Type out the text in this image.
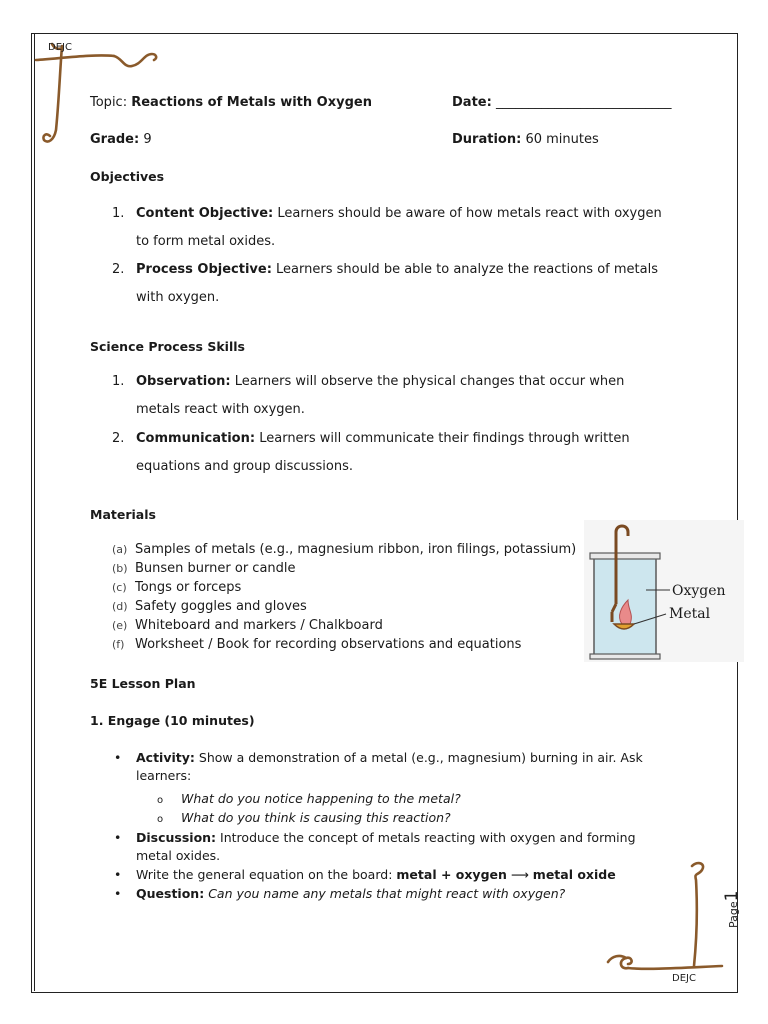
DEJC
Topic: Reactions of Metals with Oxygen	Date: ___________________________
Grade: 9	Duration: 60 minutes
Objectives
1. Content Objective: Learners should be aware of how metals react with oxygen to form metal oxides.
2. Process Objective: Learners should be able to analyze the reactions of metals with oxygen.
Science Process Skills
1. Observation: Learners will observe the physical changes that occur when metals react with oxygen.
2. Communication: Learners will communicate their findings through written equations and group discussions.
Materials
(a) Samples of metals (e.g., magnesium ribbon, iron filings, potassium)
(b) Bunsen burner or candle
(c) Tongs or forceps
(d) Safety goggles and gloves
(e) Whiteboard and markers / Chalkboard
(f) Worksheet / Book for recording observations and equations
Oxygen
Metal
5E Lesson Plan
1. Engage (10 minutes)
• Activity: Show a demonstration of a metal (e.g., magnesium) burning in air. Ask learners:
o What do you notice happening to the metal?
o What do you think is causing this reaction?
• Discussion: Introduce the concept of metals reacting with oxygen and forming metal oxides.
• Write the general equation on the board: metal + oxygen ⟶ metal oxide
• Question: Can you name any metals that might react with oxygen?
DEJC
Page1
